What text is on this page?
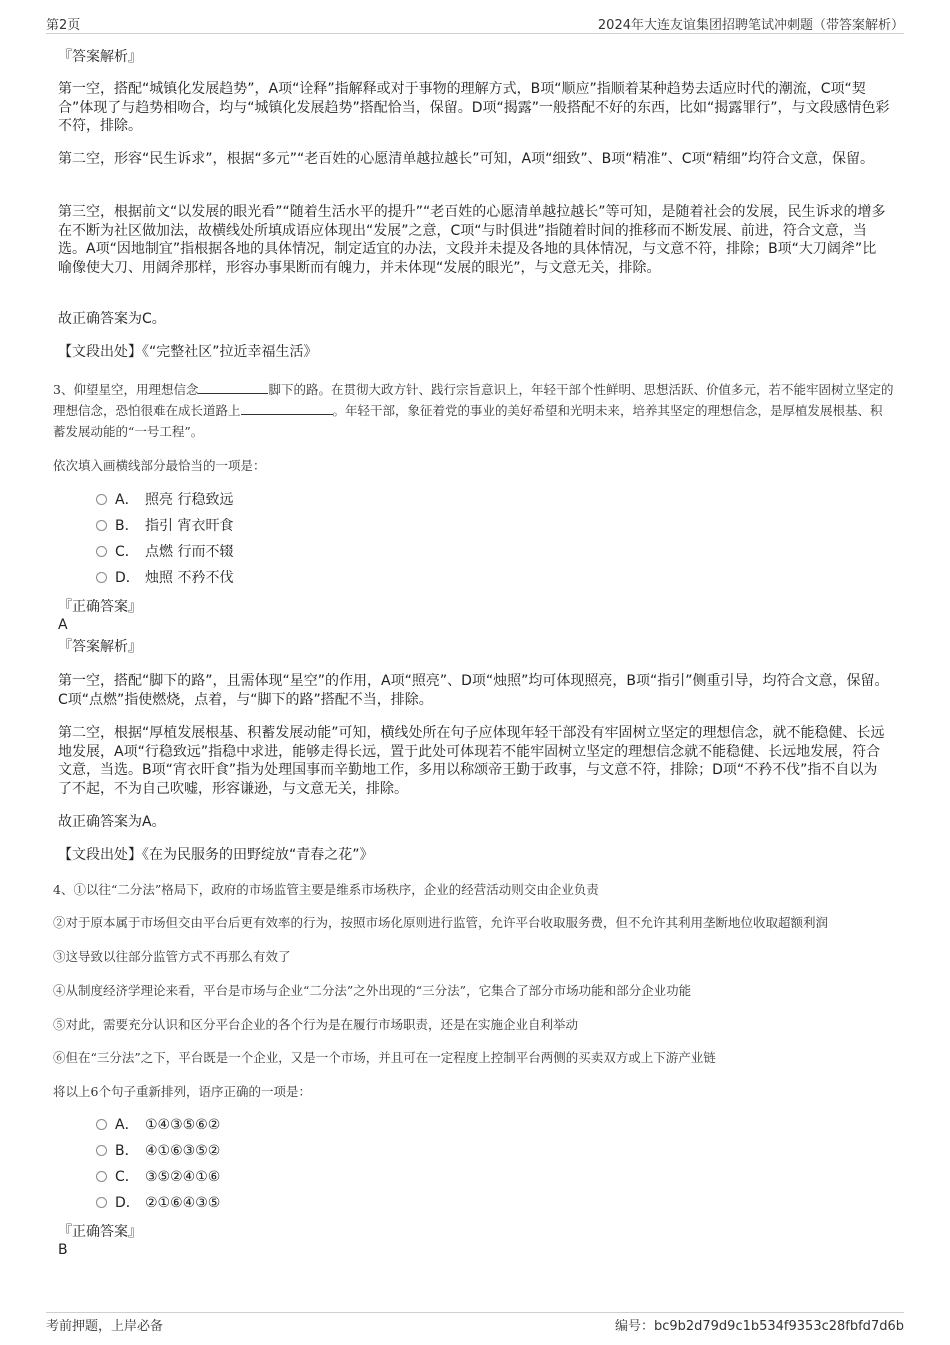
第2页	2024年大连友谊集团招聘笔试冲刺题（带答案解析）
『答案解析』
第一空，搭配“城镇化发展趋势”，A项“诠释”指解释或对于事物的理解方式，B项“顺应”指顺着某种趋势去适应时代的潮流，C项“契合”体现了与趋势相吻合，均与“城镇化发展趋势”搭配恰当，保留。D项“揭露”一般搭配不好的东西，比如“揭露罪行”，与文段感情色彩不符，排除。
第二空，形容“民生诉求”，根据“多元”“老百姓的心愿清单越拉越长”可知，A项“细致”、B项“精准”、C项“精细”均符合文意，保留。
第三空，根据前文“以发展的眼光看”“随着生活水平的提升”“老百姓的心愿清单越拉越长”等可知，是随着社会的发展，民生诉求的增多在不断为社区做加法，故横线处所填成语应体现出“发展”之意，C项“与时俱进”指随着时间的推移而不断发展、前进，符合文意，当选。A项“因地制宜”指根据各地的具体情况，制定适宜的办法，文段并未提及各地的具体情况，与文意不符，排除；B项“大刀阔斧”比喻像使大刀、用阔斧那样，形容办事果断而有魄力，并未体现“发展的眼光”，与文意无关，排除。
故正确答案为C。
【文段出处】《“完整社区”拉近幸福生活》
3、仰望星空，用理想信念	脚下的路。在贯彻大政方针、践行宗旨意识上，年轻干部个性鲜明、思想活跃、价值多元，若不能牢固树立坚定的理想信念，恐怕很难在成长道路上	。年轻干部，象征着党的事业的美好希望和光明未来，培养其坚定的理想信念，是厚植发展根基、积蓄发展动能的“一号工程”。
依次填入画横线部分最恰当的一项是：
A． 照亮 行稳致远
B． 指引 宵衣旰食
C． 点燃 行而不辍
D． 烛照 不矜不伐
『正确答案』
A
『答案解析』
第一空，搭配“脚下的路”，且需体现“星空”的作用，A项“照亮”、D项“烛照”均可体现照亮，B项“指引”侧重引导，均符合文意，保留。C项“点燃”指使燃烧，点着，与“脚下的路”搭配不当，排除。
第二空，根据“厚植发展根基、积蓄发展动能”可知，横线处所在句子应体现年轻干部没有牢固树立坚定的理想信念，就不能稳健、长远地发展，A项“行稳致远”指稳中求进，能够走得长远，置于此处可体现若不能牢固树立坚定的理想信念就不能稳健、长远地发展，符合文意，当选。B项“宵衣旰食”指为处理国事而辛勤地工作，多用以称颂帝王勤于政事，与文意不符，排除；D项“不矜不伐”指不自以为了不起，不为自己吹嘘，形容谦逊，与文意无关，排除。
故正确答案为A。
【文段出处】《在为民服务的田野绽放“青春之花”》
4、①以往“二分法”格局下，政府的市场监管主要是维系市场秩序，企业的经营活动则交由企业负责
②对于原本属于市场但交由平台后更有效率的行为，按照市场化原则进行监管，允许平台收取服务费，但不允许其利用垄断地位收取超额利润
③这导致以往部分监管方式不再那么有效了
④从制度经济学理论来看，平台是市场与企业“二分法”之外出现的“三分法”，它集合了部分市场功能和部分企业功能
⑤对此，需要充分认识和区分平台企业的各个行为是在履行市场职责，还是在实施企业自利举动
⑥但在“三分法”之下，平台既是一个企业，又是一个市场，并且可在一定程度上控制平台两侧的买卖双方或上下游产业链
将以上6个句子重新排列，语序正确的一项是：
A． ①④③⑤⑥②
B． ④①⑥③⑤②
C． ③⑤②④①⑥
D． ②①⑥④③⑤
『正确答案』
B
考前押题，上岸必备	编号：bc9b2d79d9c1b534f9353c28fbfd7d6b
